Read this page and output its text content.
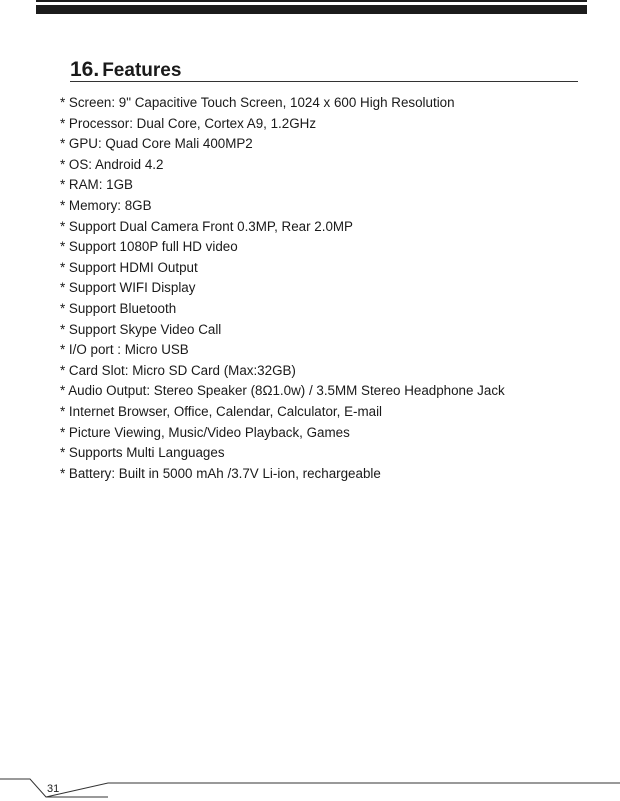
16. Features
* Screen: 9" Capacitive Touch Screen, 1024 x 600 High Resolution
* Processor: Dual Core, Cortex A9, 1.2GHz
* GPU: Quad Core Mali 400MP2
* OS: Android 4.2
* RAM: 1GB
* Memory: 8GB
* Support Dual Camera Front 0.3MP, Rear 2.0MP
* Support 1080P full HD video
* Support HDMI Output
* Support WIFI Display
* Support Bluetooth
* Support Skype Video Call
* I/O port : Micro USB
* Card Slot: Micro SD Card (Max:32GB)
* Audio Output: Stereo Speaker (8Ω1.0w) / 3.5MM Stereo Headphone Jack
* Internet Browser, Office, Calendar, Calculator, E-mail
* Picture Viewing, Music/Video Playback, Games
* Supports Multi Languages
* Battery: Built in 5000 mAh /3.7V Li-ion, rechargeable
31
